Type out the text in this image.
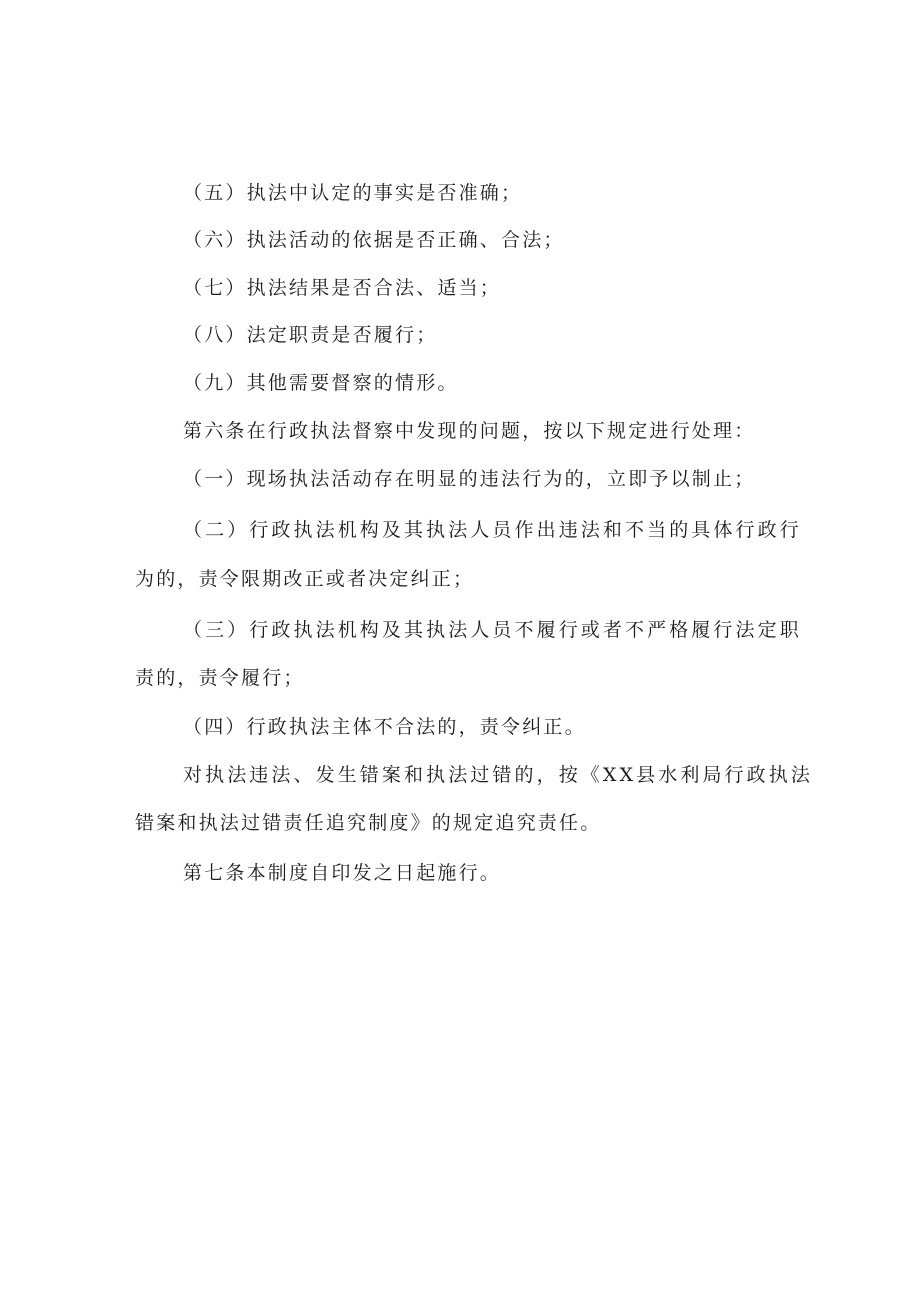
（五）执法中认定的事实是否准确；
（六）执法活动的依据是否正确、合法；
（七）执法结果是否合法、适当；
（八）法定职责是否履行；
（九）其他需要督察的情形。
第六条在行政执法督察中发现的问题，按以下规定进行处理：
（一）现场执法活动存在明显的违法行为的，立即予以制止；
（二）行政执法机构及其执法人员作出违法和不当的具体行政行
为的，责令限期改正或者决定纠正；
（三）行政执法机构及其执法人员不履行或者不严格履行法定职
责的，责令履行；
（四）行政执法主体不合法的，责令纠正。
对执法违法、发生错案和执法过错的，按《XX县水利局行政执法
错案和执法过错责任追究制度》的规定追究责任。
第七条本制度自印发之日起施行。
